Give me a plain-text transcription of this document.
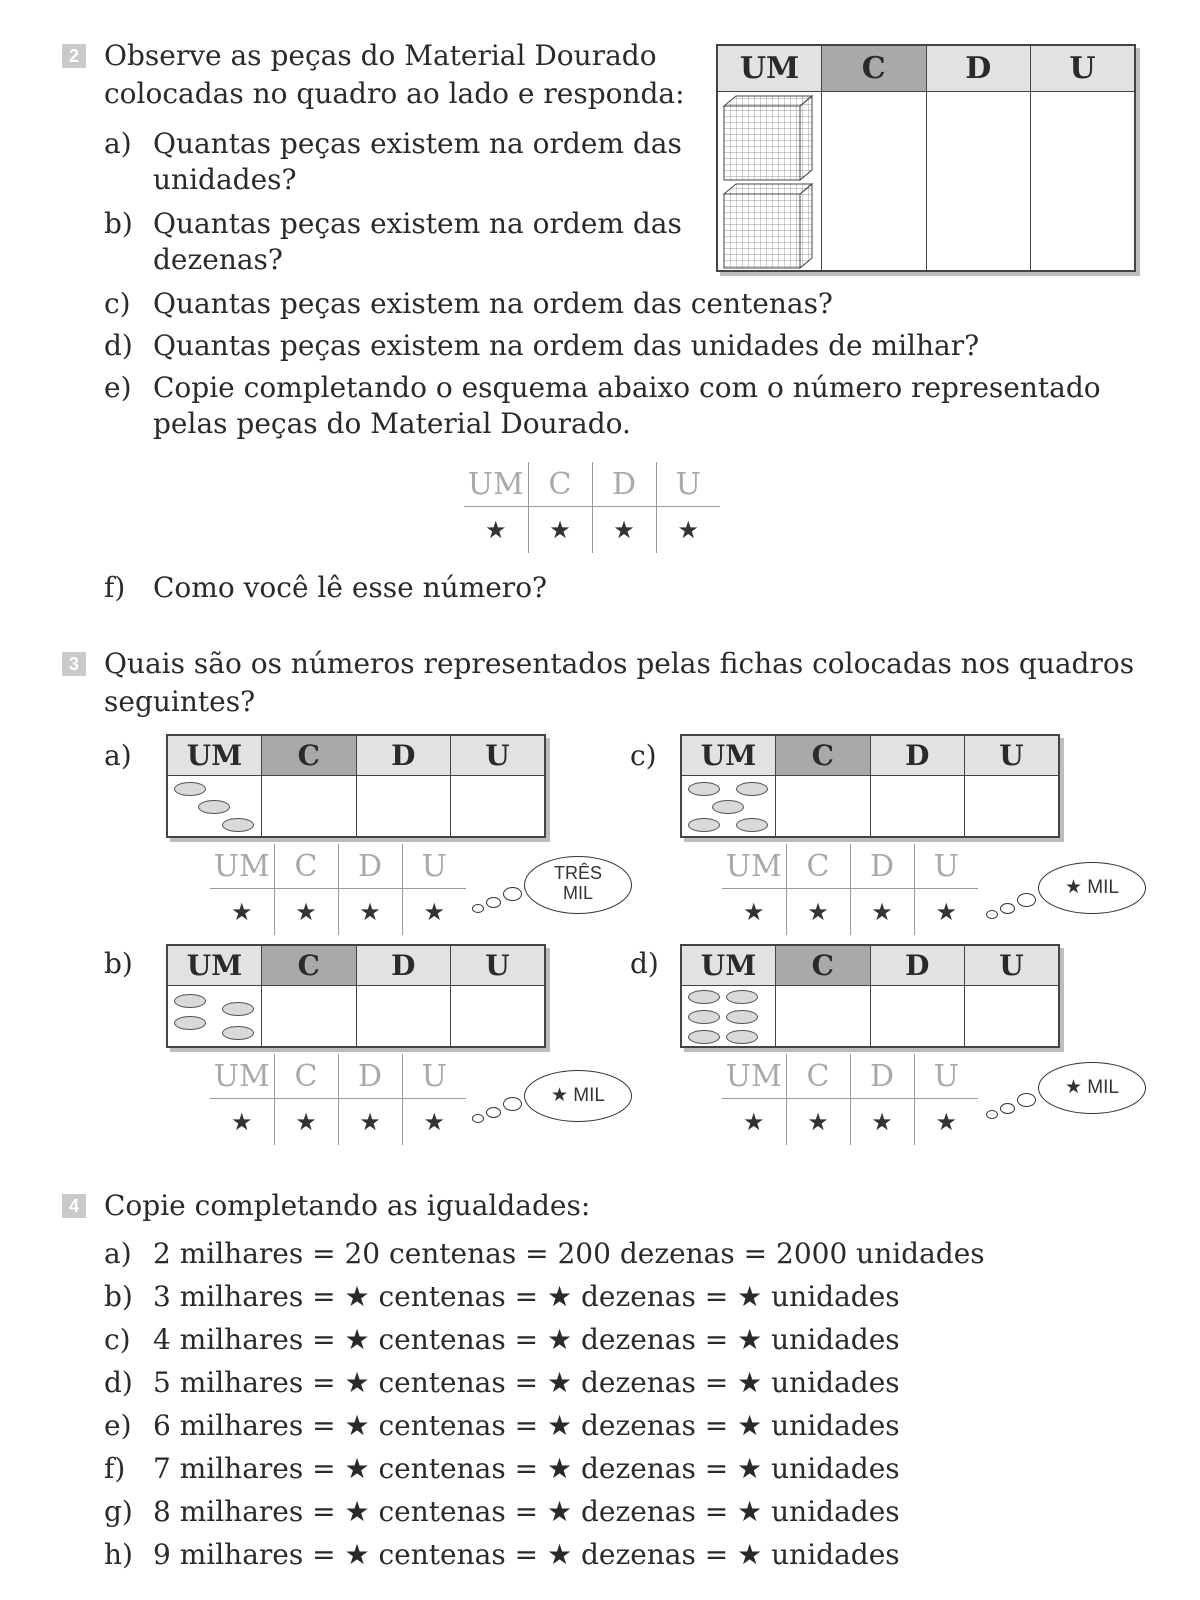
2 Observe as peças do Material Dourado
colocadas no quadro ao lado e responda:
UM	C	D	U

a) Quantas peças existem na ordem das
unidades?
b) Quantas peças existem na ordem das
dezenas?
c) Quantas peças existem na ordem das centenas?
d) Quantas peças existem na ordem das unidades de milhar?
e) Copie completando o esquema abaixo com o número representado
pelas peças do Material Dourado.
UM	C	D	U
★	★	★	★
f) Como você lê esse número?
3 Quais são os números representados pelas fichas colocadas nos quadros
seguintes?
a) UM	C	D	U

UM	C	D	U
★	★	★	★
TRÊS
MIL
b) UM	C	D	U

UM	C	D	U
★	★	★	★
★ MIL
c) UM	C	D	U

UM	C	D	U
★	★	★	★
★ MIL
d) UM	C	D	U

UM	C	D	U
★	★	★	★
★ MIL
4 Copie completando as igualdades:
a) 2 milhares = 20 centenas = 200 dezenas = 2000 unidades
b) 3 milhares = ★ centenas = ★ dezenas = ★ unidades
c) 4 milhares = ★ centenas = ★ dezenas = ★ unidades
d) 5 milhares = ★ centenas = ★ dezenas = ★ unidades
e) 6 milhares = ★ centenas = ★ dezenas = ★ unidades
f) 7 milhares = ★ centenas = ★ dezenas = ★ unidades
g) 8 milhares = ★ centenas = ★ dezenas = ★ unidades
h) 9 milhares = ★ centenas = ★ dezenas = ★ unidades
